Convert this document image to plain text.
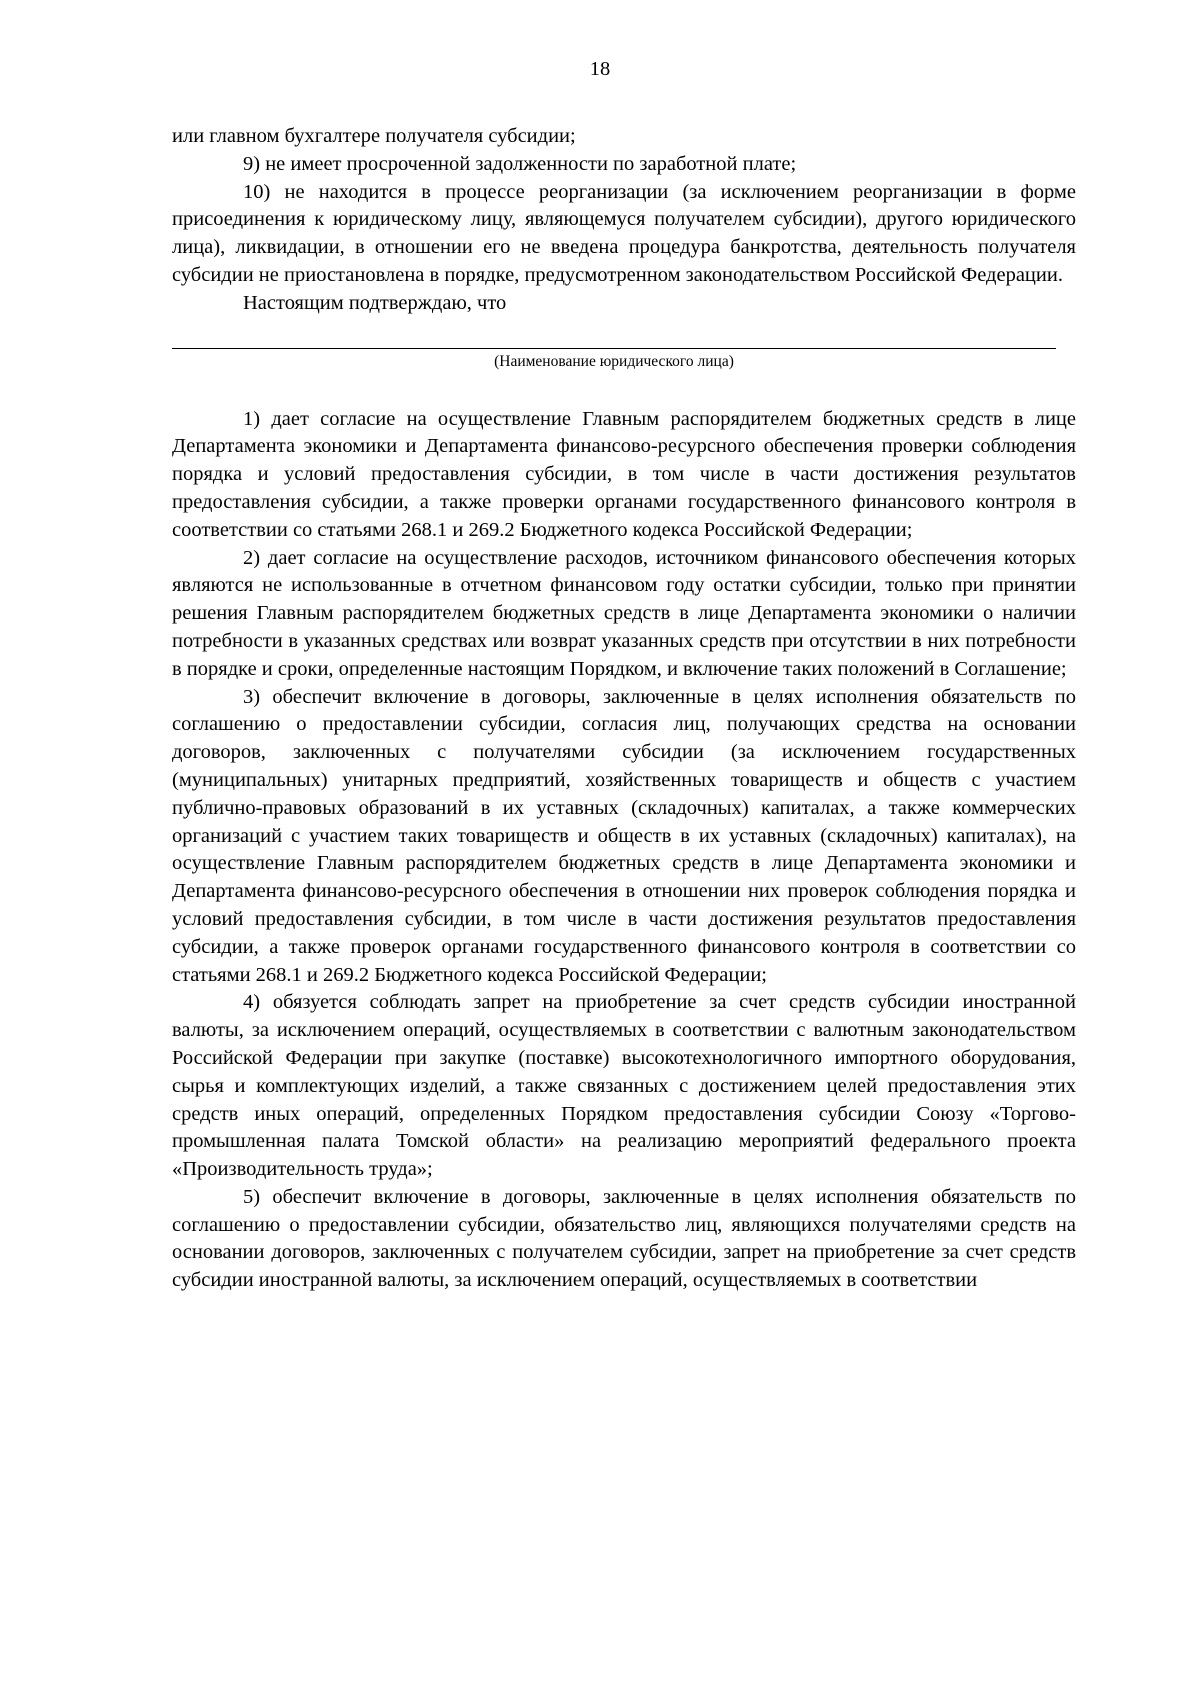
18

или главном бухгалтере получателя субсидии;

9) не имеет просроченной задолженности по заработной плате;

10) не находится в процессе реорганизации (за исключением реорганизации в форме присоединения к юридическому лицу, являющемуся получателем субсидии), другого юридического лица), ликвидации, в отношении его не введена процедура банкротства, деятельность получателя субсидии не приостановлена в порядке, предусмотренном законодательством Российской Федерации.

Настоящим подтверждаю, что

(Наименование юридического лица)

1) дает согласие на осуществление Главным распорядителем бюджетных средств в лице Департамента экономики и Департамента финансово-ресурсного обеспечения проверки соблюдения порядка и условий предоставления субсидии, в том числе в части достижения результатов предоставления субсидии, а также проверки органами государственного финансового контроля в соответствии со статьями 268.1 и 269.2 Бюджетного кодекса Российской Федерации;

2) дает согласие на осуществление расходов, источником финансового обеспечения которых являются не использованные в отчетном финансовом году остатки субсидии, только при принятии решения Главным распорядителем бюджетных средств в лице Департамента экономики о наличии потребности в указанных средствах или возврат указанных средств при отсутствии в них потребности в порядке и сроки, определенные настоящим Порядком, и включение таких положений в Соглашение;

3) обеспечит включение в договоры, заключенные в целях исполнения обязательств по соглашению о предоставлении субсидии, согласия лиц, получающих средства на основании договоров, заключенных с получателями субсидии (за исключением государственных (муниципальных) унитарных предприятий, хозяйственных товариществ и обществ с участием публично-правовых образований в их уставных (складочных) капиталах, а также коммерческих организаций с участием таких товариществ и обществ в их уставных (складочных) капиталах), на осуществление Главным распорядителем бюджетных средств в лице Департамента экономики и Департамента финансово-ресурсного обеспечения в отношении них проверок соблюдения порядка и условий предоставления субсидии, в том числе в части достижения результатов предоставления субсидии, а также проверок органами государственного финансового контроля в соответствии со статьями 268.1 и 269.2 Бюджетного кодекса Российской Федерации;

4) обязуется соблюдать запрет на приобретение за счет средств субсидии иностранной валюты, за исключением операций, осуществляемых в соответствии с валютным законодательством Российской Федерации при закупке (поставке) высокотехнологичного импортного оборудования, сырья и комплектующих изделий, а также связанных с достижением целей предоставления этих средств иных операций, определенных Порядком предоставления субсидии Союзу «Торгово-промышленная палата Томской области» на реализацию мероприятий федерального проекта «Производительность труда»;

5) обеспечит включение в договоры, заключенные в целях исполнения обязательств по соглашению о предоставлении субсидии, обязательство лиц, являющихся получателями средств на основании договоров, заключенных с получателем субсидии, запрет на приобретение за счет средств субсидии иностранной валюты, за исключением операций, осуществляемых в соответствии
